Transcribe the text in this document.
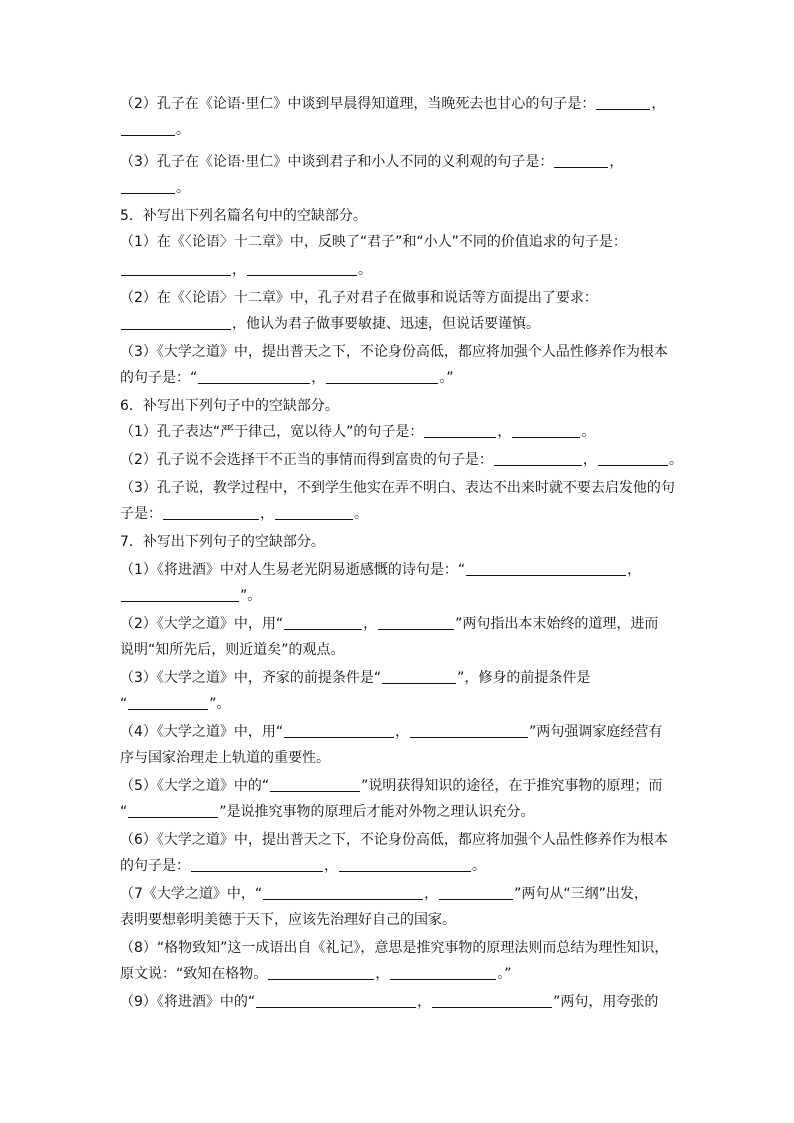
（2）孔子在《论语·里仁》中谈到早晨得知道理，当晚死去也甘心的句子是：	，
。
（3）孔子在《论语·里仁》中谈到君子和小人不同的义利观的句子是：	，
。
5．补写出下列名篇名句中的空缺部分。
（1）在《〈论语〉十二章》中，反映了“君子”和“小人”不同的价值追求的句子是：
，	。
（2）在《〈论语〉十二章》中，孔子对君子在做事和说话等方面提出了要求：
，他认为君子做事要敏捷、迅速，但说话要谨慎。
（3）《大学之道》中，提出普天之下，不论身份高低，都应将加强个人品性修养作为根本
的句子是：“	，	。”
6．补写出下列句子中的空缺部分。
（1）孔子表达“严于律己，宽以待人”的句子是：	，	。
（2）孔子说不会选择干不正当的事情而得到富贵的句子是：	，	。
（3）孔子说，教学过程中，不到学生他实在弄不明白、表达不出来时就不要去启发他的句
子是：	，	。
7．补写出下列句子的空缺部分。
（1）《将进酒》中对人生易老光阴易逝感慨的诗句是：“	，
”。
（2）《大学之道》中，用“	，	”两句指出本末始终的道理，进而
说明“知所先后，则近道矣”的观点。
（3）《大学之道》中，齐家的前提条件是“	”，修身的前提条件是
“	”。
（4）《大学之道》中，用“	，	”两句强调家庭经营有
序与国家治理走上轨道的重要性。
（5）《大学之道》中的“	”说明获得知识的途径，在于推究事物的原理；而
“	”是说推究事物的原理后才能对外物之理认识充分。
（6）《大学之道》中，提出普天之下，不论身份高低，都应将加强个人品性修养作为根本
的句子是：	，	。
（7《大学之道》中，“	，	”两句从“三纲”出发，
表明要想彰明美德于天下，应该先治理好自己的国家。
（8）“格物致知”这一成语出自《礼记》，意思是推究事物的原理法则而总结为理性知识，
原文说：“致知在格物。	，	。”
（9）《将进酒》中的“	，	”两句，用夸张的
